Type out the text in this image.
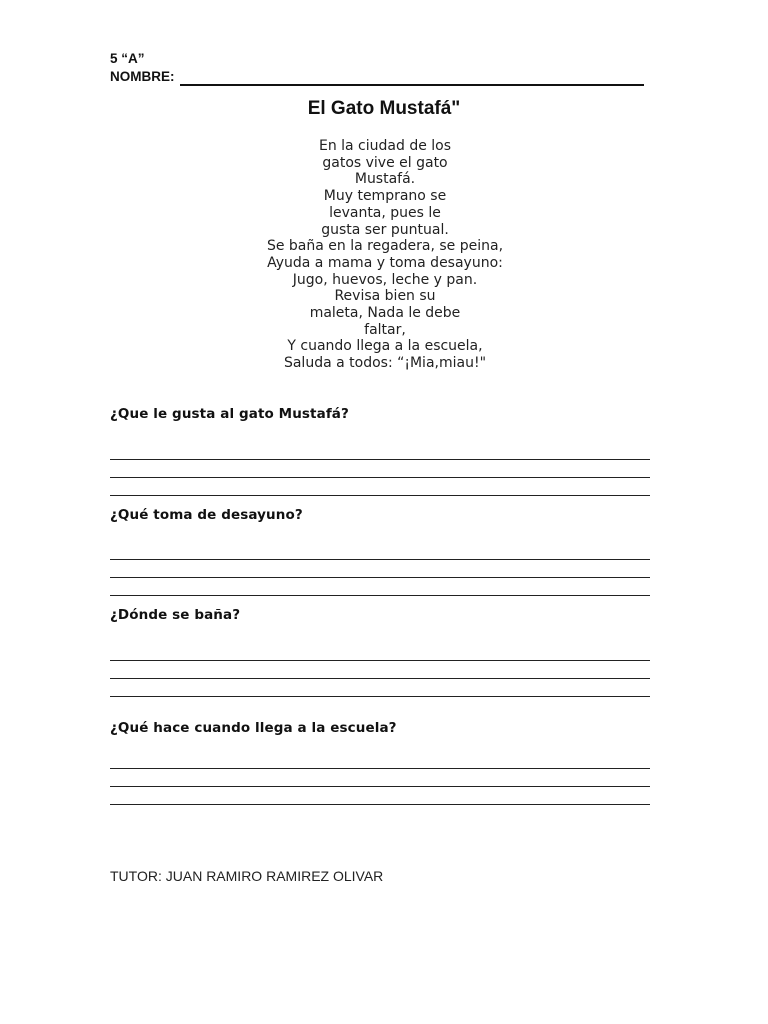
5 “A”
NOMBRE:
El Gato Mustafá"
En la ciudad de los
gatos vive el gato
Mustafá.
Muy temprano se
levanta, pues le
gusta ser puntual.
Se baña en la regadera, se peina,
Ayuda a mama y toma desayuno:
Jugo, huevos, leche y pan.
Revisa bien su
maleta, Nada le debe
faltar,
Y cuando llega a la escuela,
Saluda a todos: “¡Mia,miau!"
¿Que le gusta al gato Mustafá?
¿Qué toma de desayuno?
¿Dónde se baña?
¿Qué hace cuando llega a la escuela?
TUTOR: JUAN RAMIRO RAMIREZ OLIVAR
